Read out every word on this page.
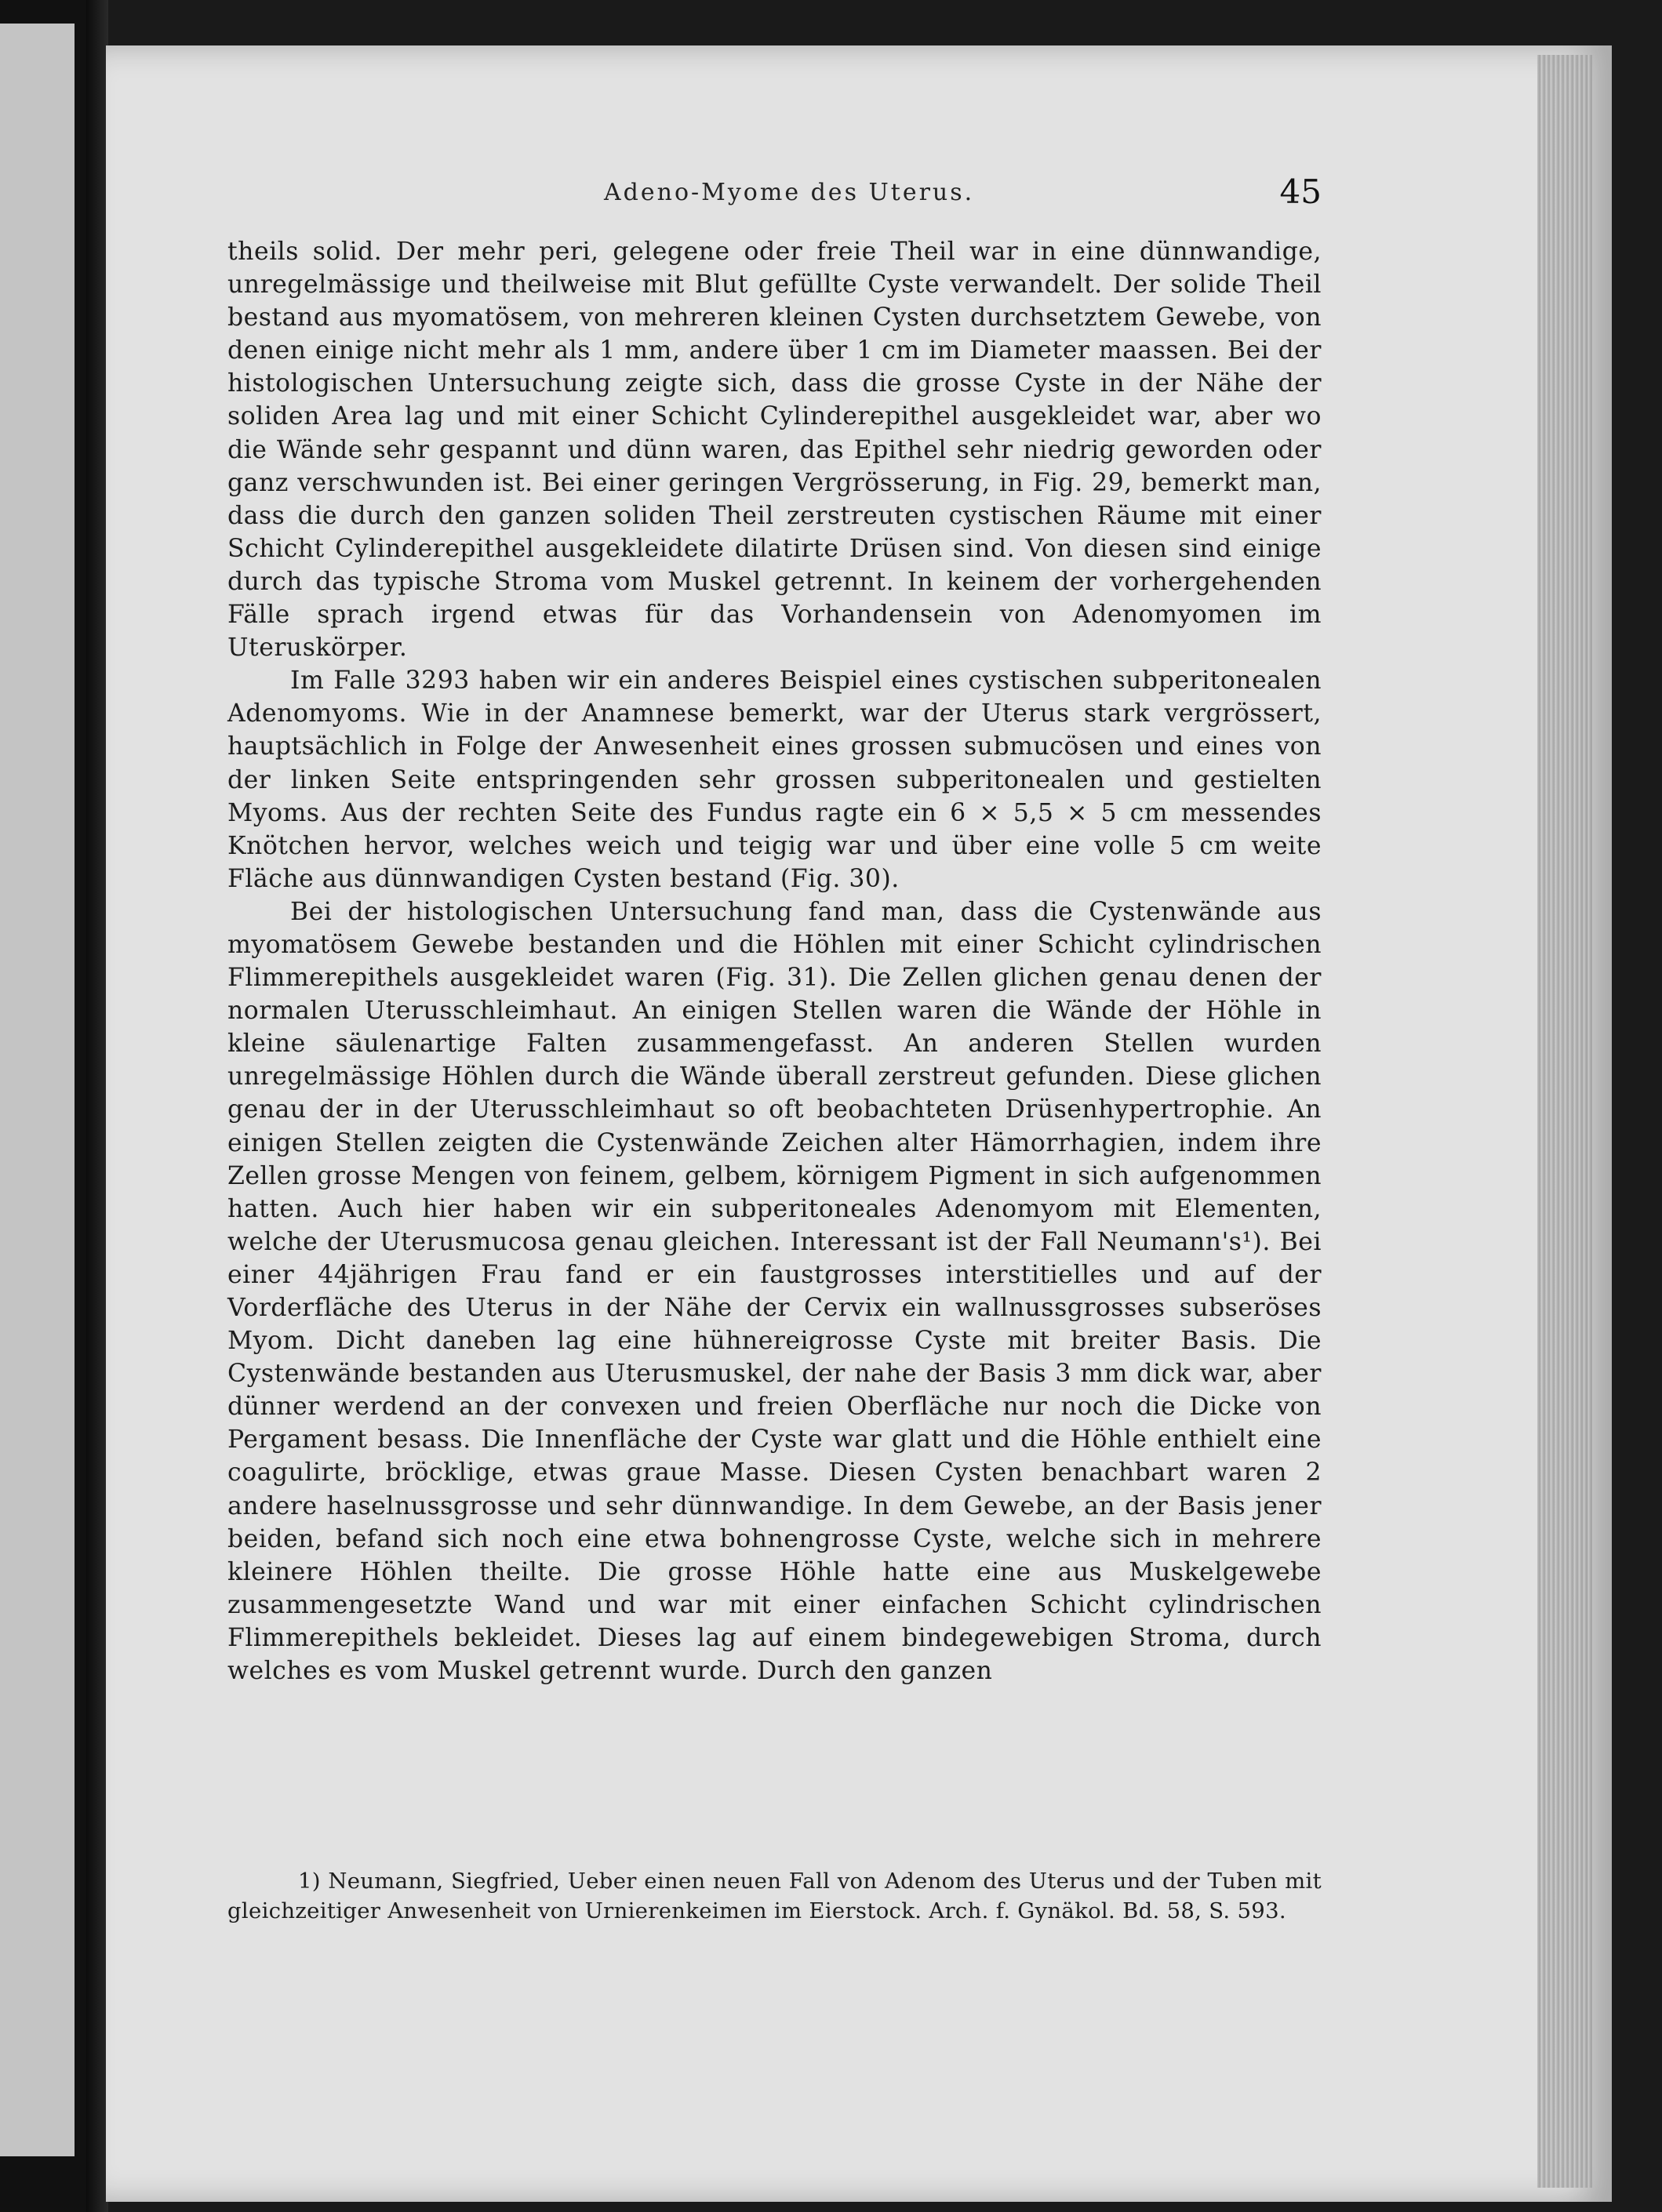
Adeno-Myome des Uterus.	45

theils solid. Der mehr peri, gelegene oder freie Theil war in eine dünnwandige, unregelmässige und theilweise mit Blut gefüllte Cyste verwandelt. Der solide Theil bestand aus myomatösem, von mehreren kleinen Cysten durchsetztem Gewebe, von denen einige nicht mehr als 1 mm, andere über 1 cm im Diameter maassen. Bei der histologischen Untersuchung zeigte sich, dass die grosse Cyste in der Nähe der soliden Area lag und mit einer Schicht Cylinderepithel ausgekleidet war, aber wo die Wände sehr gespannt und dünn waren, das Epithel sehr niedrig geworden oder ganz verschwunden ist. Bei einer geringen Vergrösserung, in Fig. 29, bemerkt man, dass die durch den ganzen soliden Theil zerstreuten cystischen Räume mit einer Schicht Cylinderepithel ausgekleidete dilatirte Drüsen sind. Von diesen sind einige durch das typische Stroma vom Muskel getrennt. In keinem der vorhergehenden Fälle sprach irgend etwas für das Vorhandensein von Adenomyomen im Uteruskörper.

Im Falle 3293 haben wir ein anderes Beispiel eines cystischen subperitonealen Adenomyoms. Wie in der Anamnese bemerkt, war der Uterus stark vergrössert, hauptsächlich in Folge der Anwesenheit eines grossen submucösen und eines von der linken Seite entspringenden sehr grossen subperitonealen und gestielten Myoms. Aus der rechten Seite des Fundus ragte ein 6 × 5,5 × 5 cm messendes Knötchen hervor, welches weich und teigig war und über eine volle 5 cm weite Fläche aus dünnwandigen Cysten bestand (Fig. 30).

Bei der histologischen Untersuchung fand man, dass die Cystenwände aus myomatösem Gewebe bestanden und die Höhlen mit einer Schicht cylindrischen Flimmerepithels ausgekleidet waren (Fig. 31). Die Zellen glichen genau denen der normalen Uterusschleimhaut. An einigen Stellen waren die Wände der Höhle in kleine säulenartige Falten zusammengefasst. An anderen Stellen wurden unregelmässige Höhlen durch die Wände überall zerstreut gefunden. Diese glichen genau der in der Uterusschleimhaut so oft beobachteten Drüsenhypertrophie. An einigen Stellen zeigten die Cystenwände Zeichen alter Hämorrhagien, indem ihre Zellen grosse Mengen von feinem, gelbem, körnigem Pigment in sich aufgenommen hatten. Auch hier haben wir ein subperitoneales Adenomyom mit Elementen, welche der Uterusmucosa genau gleichen. Interessant ist der Fall Neumann's¹). Bei einer 44jährigen Frau fand er ein faustgrosses interstitielles und auf der Vorderfläche des Uterus in der Nähe der Cervix ein wallnussgrosses subseröses Myom. Dicht daneben lag eine hühnereigrosse Cyste mit breiter Basis. Die Cystenwände bestanden aus Uterusmuskel, der nahe der Basis 3 mm dick war, aber dünner werdend an der convexen und freien Oberfläche nur noch die Dicke von Pergament besass. Die Innenfläche der Cyste war glatt und die Höhle enthielt eine coagulirte, bröcklige, etwas graue Masse. Diesen Cysten benachbart waren 2 andere haselnussgrosse und sehr dünnwandige. In dem Gewebe, an der Basis jener beiden, befand sich noch eine etwa bohnengrosse Cyste, welche sich in mehrere kleinere Höhlen theilte. Die grosse Höhle hatte eine aus Muskelgewebe zusammengesetzte Wand und war mit einer einfachen Schicht cylindrischen Flimmerepithels bekleidet. Dieses lag auf einem bindegewebigen Stroma, durch welches es vom Muskel getrennt wurde. Durch den ganzen

1) Neumann, Siegfried, Ueber einen neuen Fall von Adenom des Uterus und der Tuben mit gleichzeitiger Anwesenheit von Urnierenkeimen im Eierstock. Arch. f. Gynäkol. Bd. 58, S. 593.
